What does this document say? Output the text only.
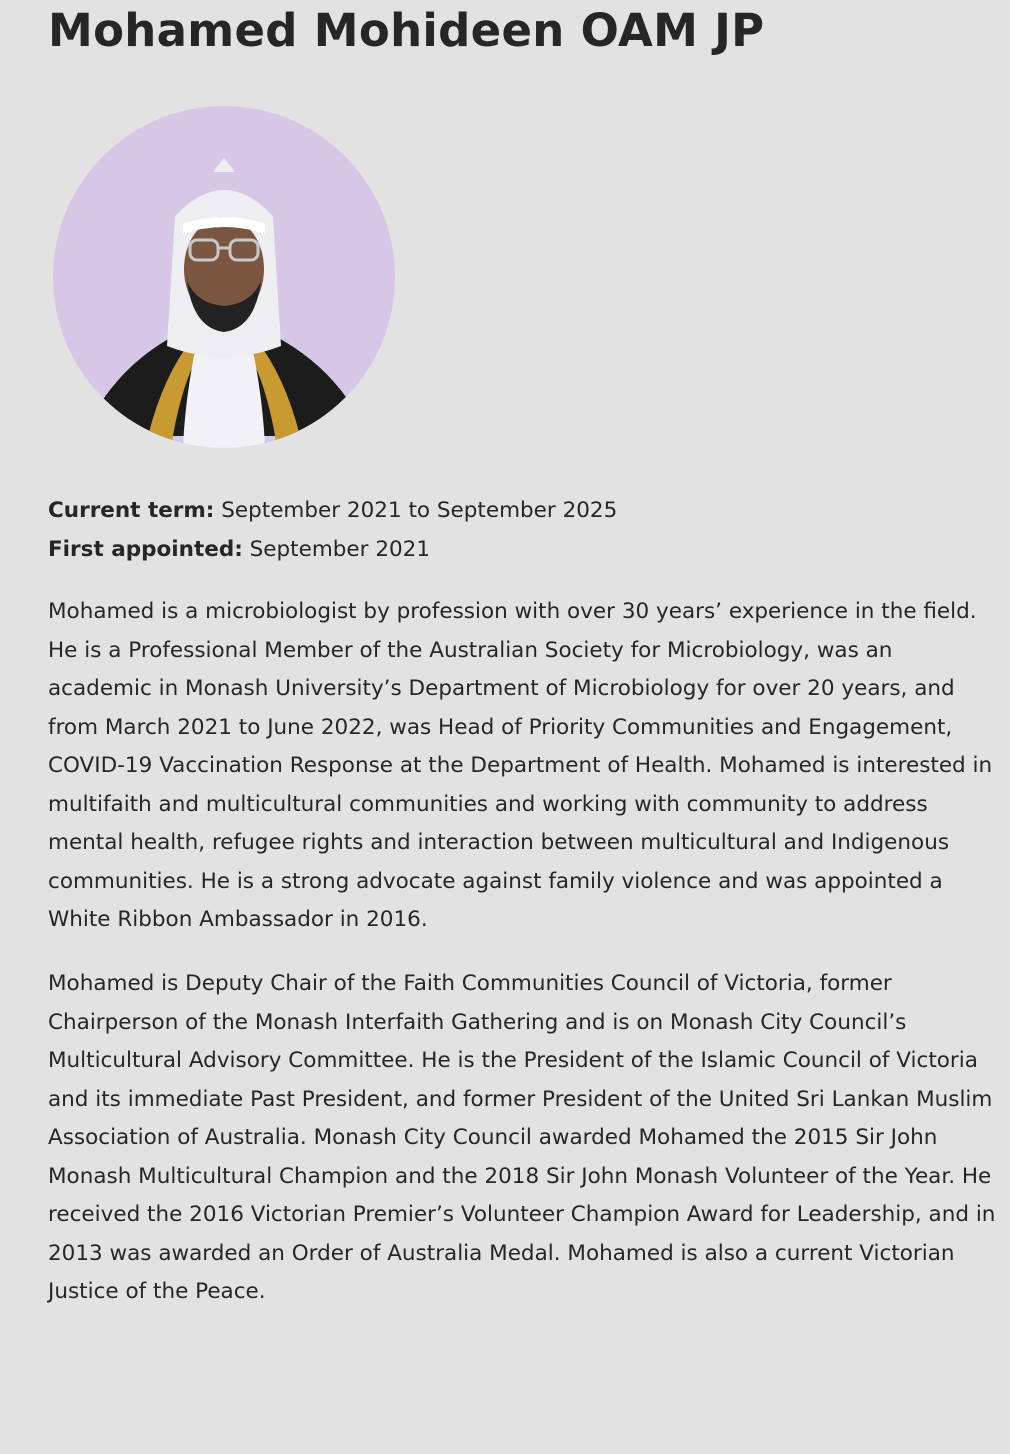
Mohamed Mohideen OAM JP
Current term: September 2021 to September 2025
First appointed: September 2021

Mohamed is a microbiologist by profession with over 30 years’ experience in the field. He is a Professional Member of the Australian Society for Microbiology, was an academic in Monash University’s Department of Microbiology for over 20 years, and from March 2021 to June 2022, was Head of Priority Communities and Engagement, COVID-19 Vaccination Response at the Department of Health. Mohamed is interested in multifaith and multicultural communities and working with community to address mental health, refugee rights and interaction between multicultural and Indigenous communities. He is a strong advocate against family violence and was appointed a White Ribbon Ambassador in 2016.

Mohamed is Deputy Chair of the Faith Communities Council of Victoria, former Chairperson of the Monash Interfaith Gathering and is on Monash City Council’s Multicultural Advisory Committee. He is the President of the Islamic Council of Victoria and its immediate Past President, and former President of the United Sri Lankan Muslim Association of Australia. Monash City Council awarded Mohamed the 2015 Sir John Monash Multicultural Champion and the 2018 Sir John Monash Volunteer of the Year. He received the 2016 Victorian Premier’s Volunteer Champion Award for Leadership, and in 2013 was awarded an Order of Australia Medal. Mohamed is also a current Victorian Justice of the Peace.
